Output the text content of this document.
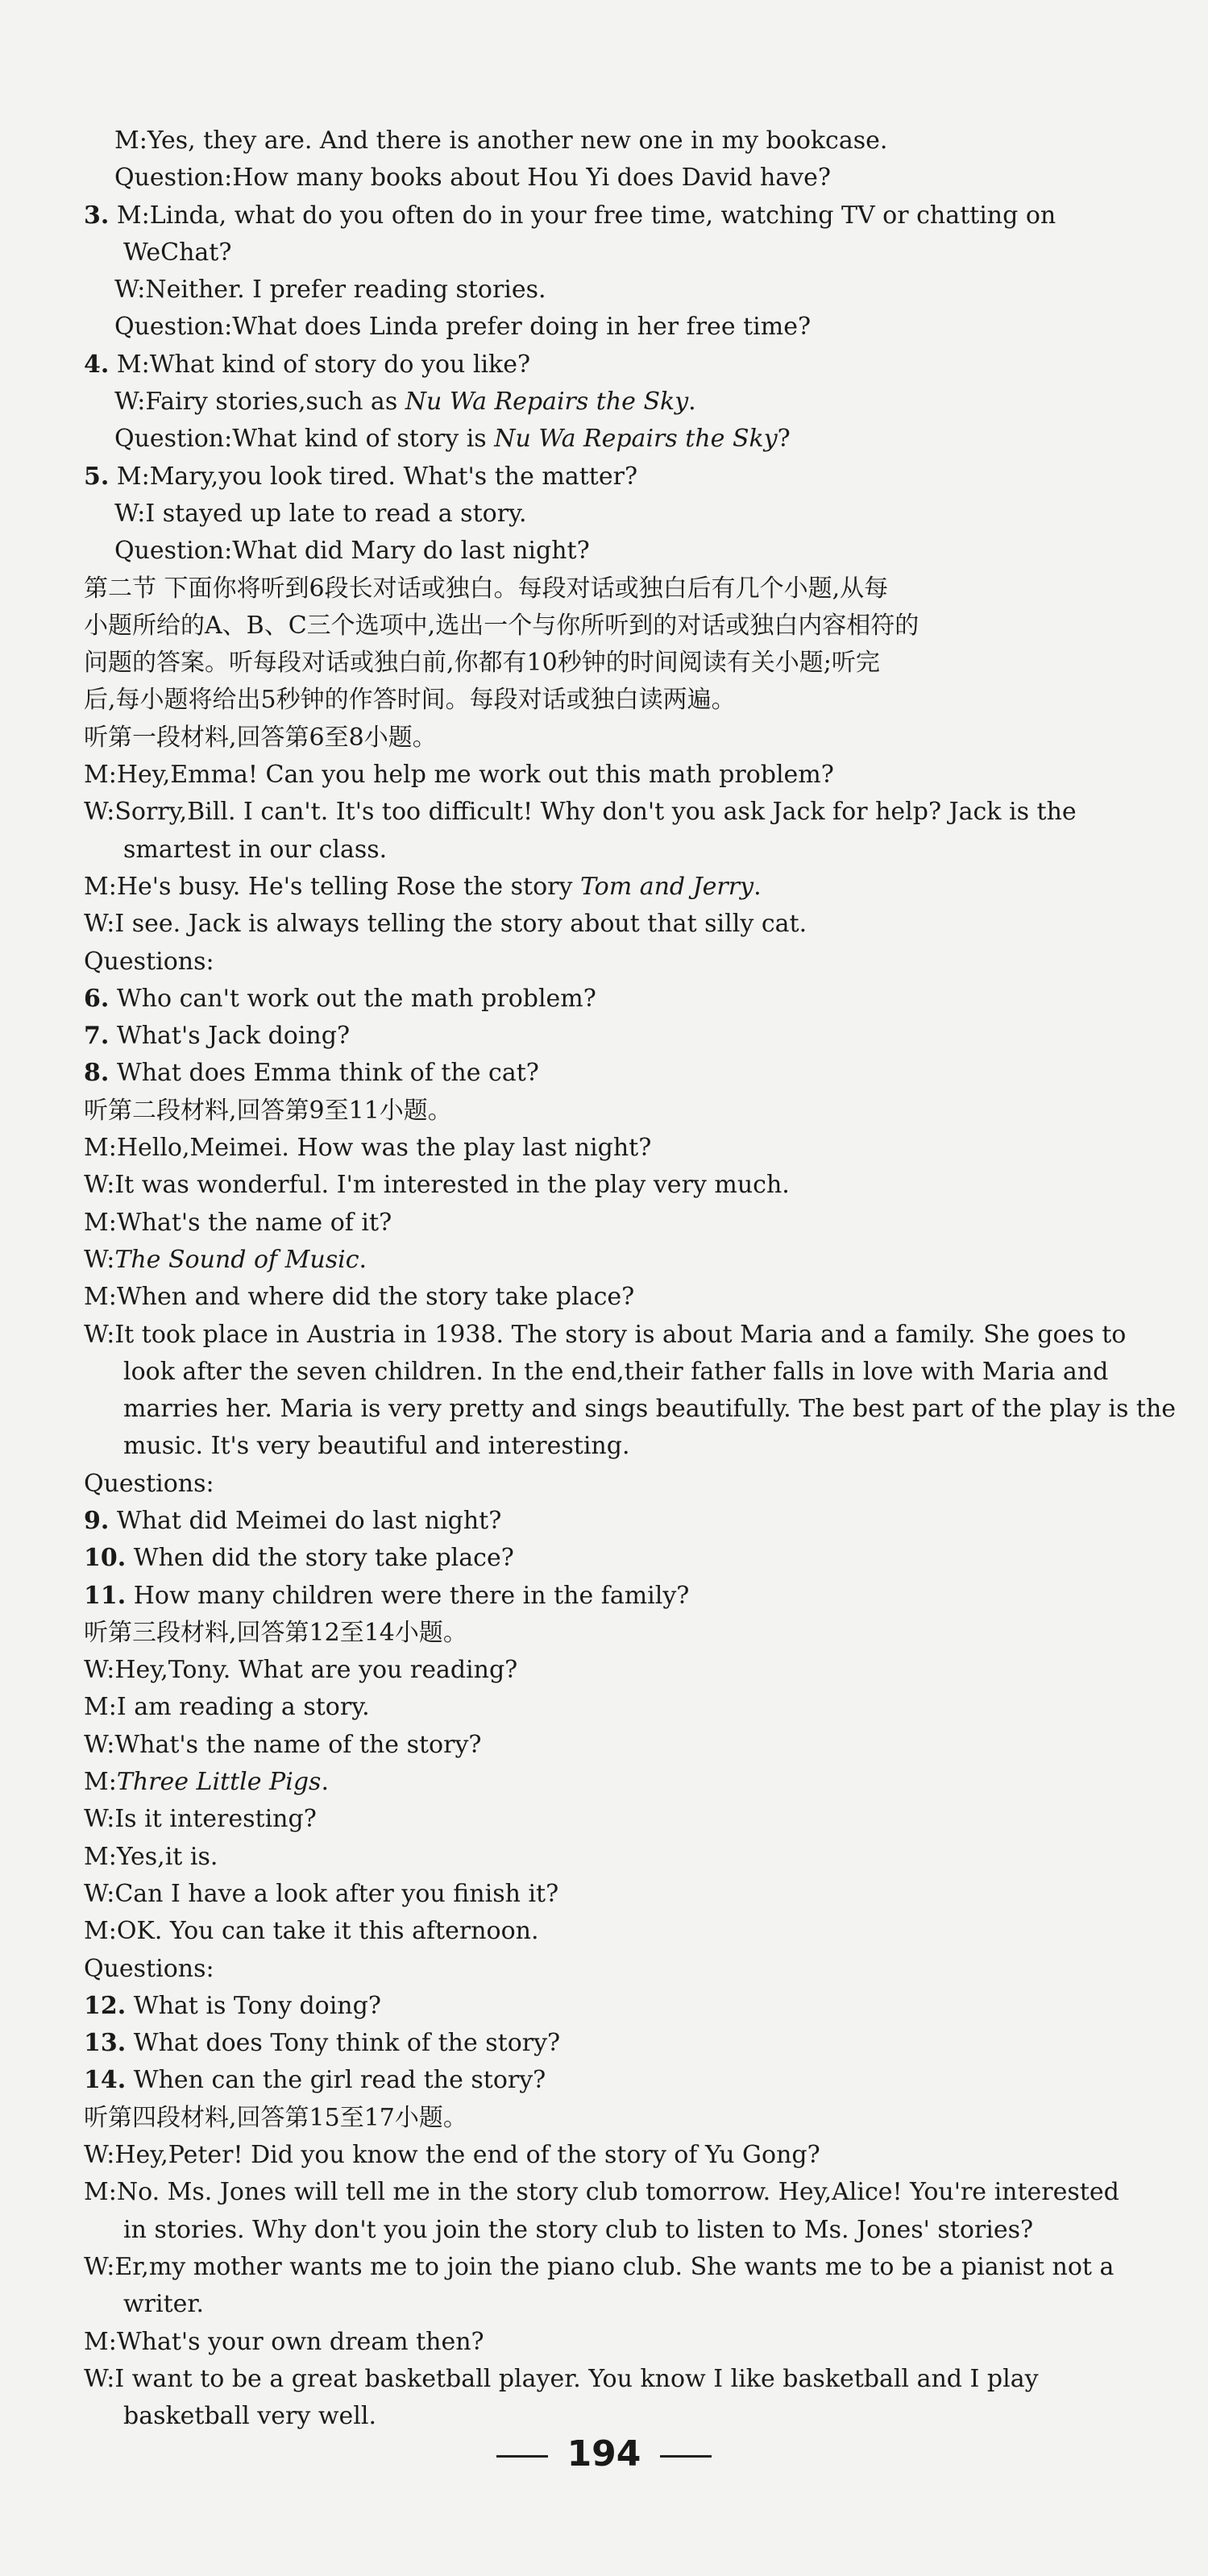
M:Yes, they are. And there is another new one in my bookcase.
Question:How many books about Hou Yi does David have?
3. M:Linda, what do you often do in your free time, watching TV or chatting on
WeChat?
W:Neither. I prefer reading stories.
Question:What does Linda prefer doing in her free time?
4. M:What kind of story do you like?
W:Fairy stories,such as Nu Wa Repairs the Sky.
Question:What kind of story is Nu Wa Repairs the Sky?
5. M:Mary,you look tired. What's the matter?
W:I stayed up late to read a story.
Question:What did Mary do last night?
第二节 下面你将听到6段长对话或独白。每段对话或独白后有几个小题,从每
小题所给的A、B、C三个选项中,选出一个与你所听到的对话或独白内容相符的
问题的答案。听每段对话或独白前,你都有10秒钟的时间阅读有关小题;听完
后,每小题将给出5秒钟的作答时间。每段对话或独白读两遍。
听第一段材料,回答第6至8小题。
M:Hey,Emma! Can you help me work out this math problem?
W:Sorry,Bill. I can't. It's too difficult! Why don't you ask Jack for help? Jack is the
smartest in our class.
M:He's busy. He's telling Rose the story Tom and Jerry.
W:I see. Jack is always telling the story about that silly cat.
Questions:
6. Who can't work out the math problem?
7. What's Jack doing?
8. What does Emma think of the cat?
听第二段材料,回答第9至11小题。
M:Hello,Meimei. How was the play last night?
W:It was wonderful. I'm interested in the play very much.
M:What's the name of it?
W:The Sound of Music.
M:When and where did the story take place?
W:It took place in Austria in 1938. The story is about Maria and a family. She goes to
look after the seven children. In the end,their father falls in love with Maria and
marries her. Maria is very pretty and sings beautifully. The best part of the play is the
music. It's very beautiful and interesting.
Questions:
9. What did Meimei do last night?
10. When did the story take place?
11. How many children were there in the family?
听第三段材料,回答第12至14小题。
W:Hey,Tony. What are you reading?
M:I am reading a story.
W:What's the name of the story?
M:Three Little Pigs.
W:Is it interesting?
M:Yes,it is.
W:Can I have a look after you finish it?
M:OK. You can take it this afternoon.
Questions:
12. What is Tony doing?
13. What does Tony think of the story?
14. When can the girl read the story?
听第四段材料,回答第15至17小题。
W:Hey,Peter! Did you know the end of the story of Yu Gong?
M:No. Ms. Jones will tell me in the story club tomorrow. Hey,Alice! You're interested
in stories. Why don't you join the story club to listen to Ms. Jones' stories?
W:Er,my mother wants me to join the piano club. She wants me to be a pianist not a
writer.
M:What's your own dream then?
W:I want to be a great basketball player. You know I like basketball and I play
basketball very well.
194
